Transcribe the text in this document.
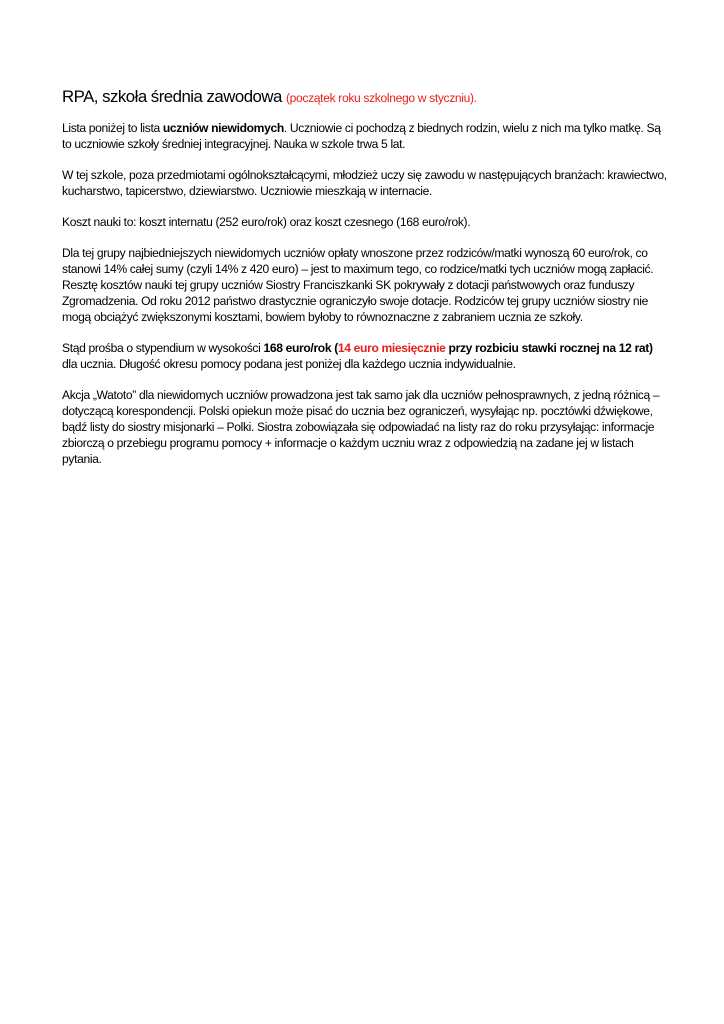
RPA, szkoła średnia zawodowa (początek roku szkolnego w styczniu).

Lista poniżej to lista uczniów niewidomych. Uczniowie ci pochodzą z biednych rodzin, wielu z nich ma tylko matkę. Są to uczniowie szkoły średniej integracyjnej. Nauka w szkole trwa 5 lat.

W tej szkole, poza przedmiotami ogólnokształcącymi, młodzież uczy się zawodu w następujących branżach: krawiectwo, kucharstwo, tapicerstwo, dziewiarstwo. Uczniowie mieszkają w internacie.

Koszt nauki to: koszt internatu (252 euro/rok) oraz koszt czesnego (168 euro/rok).

Dla tej grupy najbiedniejszych niewidomych uczniów opłaty wnoszone przez rodziców/matki wynoszą 60 euro/rok, co stanowi 14% całej sumy (czyli 14% z 420 euro) – jest to maximum tego, co rodzice/matki tych uczniów mogą zapłacić. Resztę kosztów nauki tej grupy uczniów Siostry Franciszkanki SK pokrywały z dotacji państwowych oraz funduszy Zgromadzenia. Od roku 2012 państwo drastycznie ograniczyło swoje dotacje. Rodziców tej grupy uczniów siostry nie mogą obciążyć zwiększonymi kosztami, bowiem byłoby to równoznaczne z zabraniem ucznia ze szkoły.

Stąd prośba o stypendium w wysokości 168 euro/rok (14 euro miesięcznie przy rozbiciu stawki rocznej na 12 rat) dla ucznia. Długość okresu pomocy podana jest poniżej dla każdego ucznia indywidualnie.

Akcja „Watoto” dla niewidomych uczniów prowadzona jest tak samo jak dla uczniów pełnosprawnych, z jedną różnicą – dotyczącą korespondencji. Polski opiekun może pisać do ucznia bez ograniczeń, wysyłając np. pocztówki dźwiękowe, bądź listy do siostry misjonarki – Polki. Siostra zobowiązała się odpowiadać na listy raz do roku przysyłając: informacje zbiorczą o przebiegu programu pomocy + informacje o każdym uczniu wraz z odpowiedzią na zadane jej w listach pytania.
